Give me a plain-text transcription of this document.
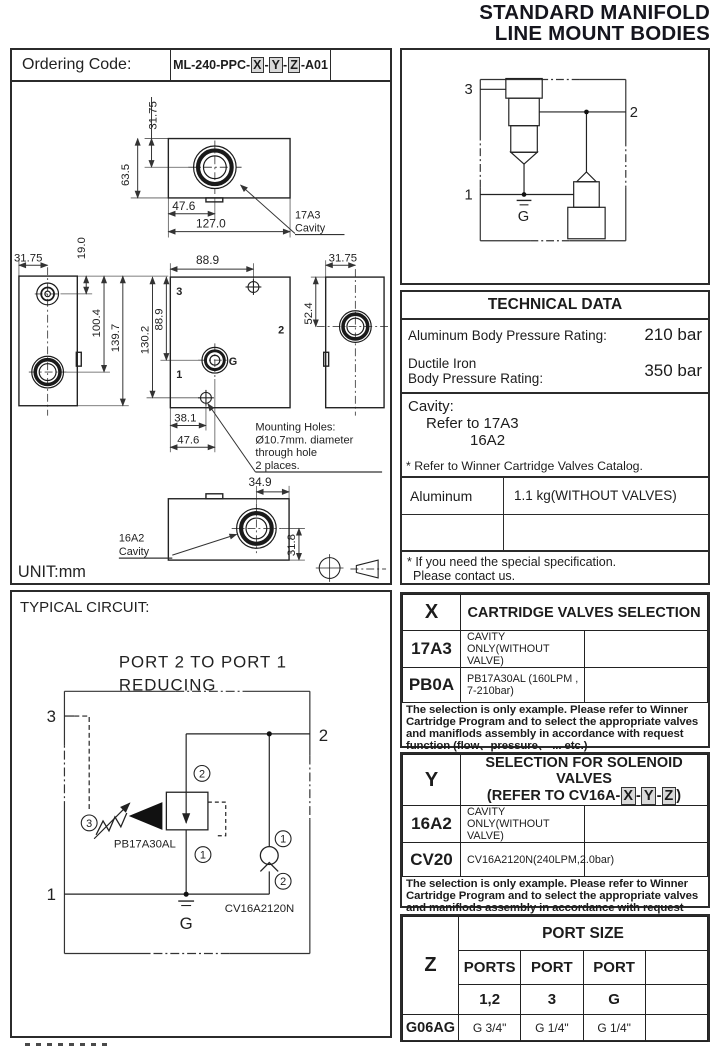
STANDARD MANIFOLD
LINE MOUNT BODIES
Ordering Code:	ML-240-PPC- X - Y - Z -A01
31.75
63.5
47.6
127.0
17A3
Cavity
31.75	19.0
100.4
139.7 130.2
88.9
88.9
38.1
47.6
3
2
1
G
31.75
52.4
34.9
31.8
16A2
Cavity
Mounting Holes:
Ø10.7mm. diameter
through hole
2 places.
UNIT:mm
TYPICAL CIRCUIT:
PORT 2 TO PORT 1
REDUCING
3
2
1
1
2
3
2
1
G
PB17A30AL
CV16A2120N
3
2
1
G
TECHNICAL DATA
Aluminum Body Pressure Rating: 210 bar
Ductile Iron
Body Pressure Rating:	350 bar
Cavity:
Refer to 17A3
16A2
* Refer to Winner Cartridge Valves Catalog.
Aluminum	1.1 kg(WITHOUT VALVES)
* If you need the special specification.
Please contact us.
X	CARTRIDGE VALVES SELECTION	
17A3	CAVITY ONLY(WITHOUT VALVE)	
PB0A	PB17A30AL (160LPM , 7-210bar)	
The selection is only example. Please refer to Winner
Cartridge Program and to select the appropriate valves
and maniflods assembly in accordance with request
function (flow、pressure、 ... etc.)
Y	SELECTION FOR SOLENOID VALVES
(REFER TO CV16A- X - Y - Z )	

16A2	CAVITY ONLY(WITHOUT VALVE)	
CV20	CV16A2120N(240LPM,2.0bar)	
The selection is only example. Please refer to Winner
Cartridge Program and to select the appropriate valves
and maniflods assembly in accordance with request
Z	PORT SIZE			
	PORTS	PORT	PORT	
	1,2	3	G	
G06AG	G 3/4"	G 1/4"	G 1/4"	
